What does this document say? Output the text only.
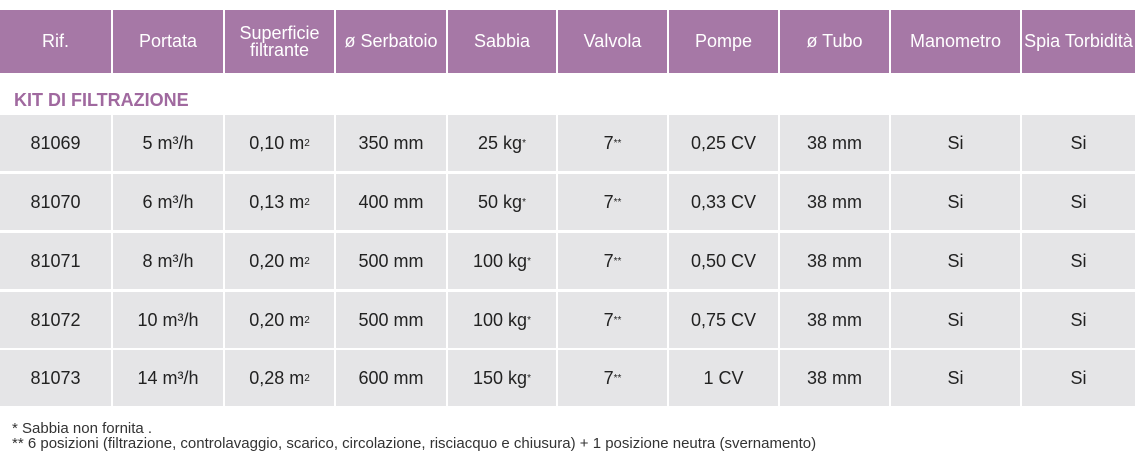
Rif.	Portata	Superficie filtrante	ø Serbatoio	Sabbia	Valvola	Pompe	ø Tubo	Manometro	Spia Torbidità
KIT DI FILTRAZIONE
81069	5 m³/h	0,10 m 2	350 mm	25 kg *	7 **	0,25 CV	38 mm	Si	Si
81070	6 m³/h	0,13 m 2	400 mm	50 kg *	7 **	0,33 CV	38 mm	Si	Si
81071	8 m³/h	0,20 m 2	500 mm	100 kg *	7 **	0,50 CV	38 mm	Si	Si
81072	10 m³/h	0,20 m 2	500 mm	100 kg *	7 **	0,75 CV	38 mm	Si	Si
81073	14 m³/h	0,28 m 2	600 mm	150 kg *	7 **	1 CV	38 mm	Si	Si
* Sabbia non fornita .
** 6 posizioni (filtrazione, controlavaggio, scarico, circolazione, risciacquo e chiusura) + 1 posizione neutra (svernamento)
